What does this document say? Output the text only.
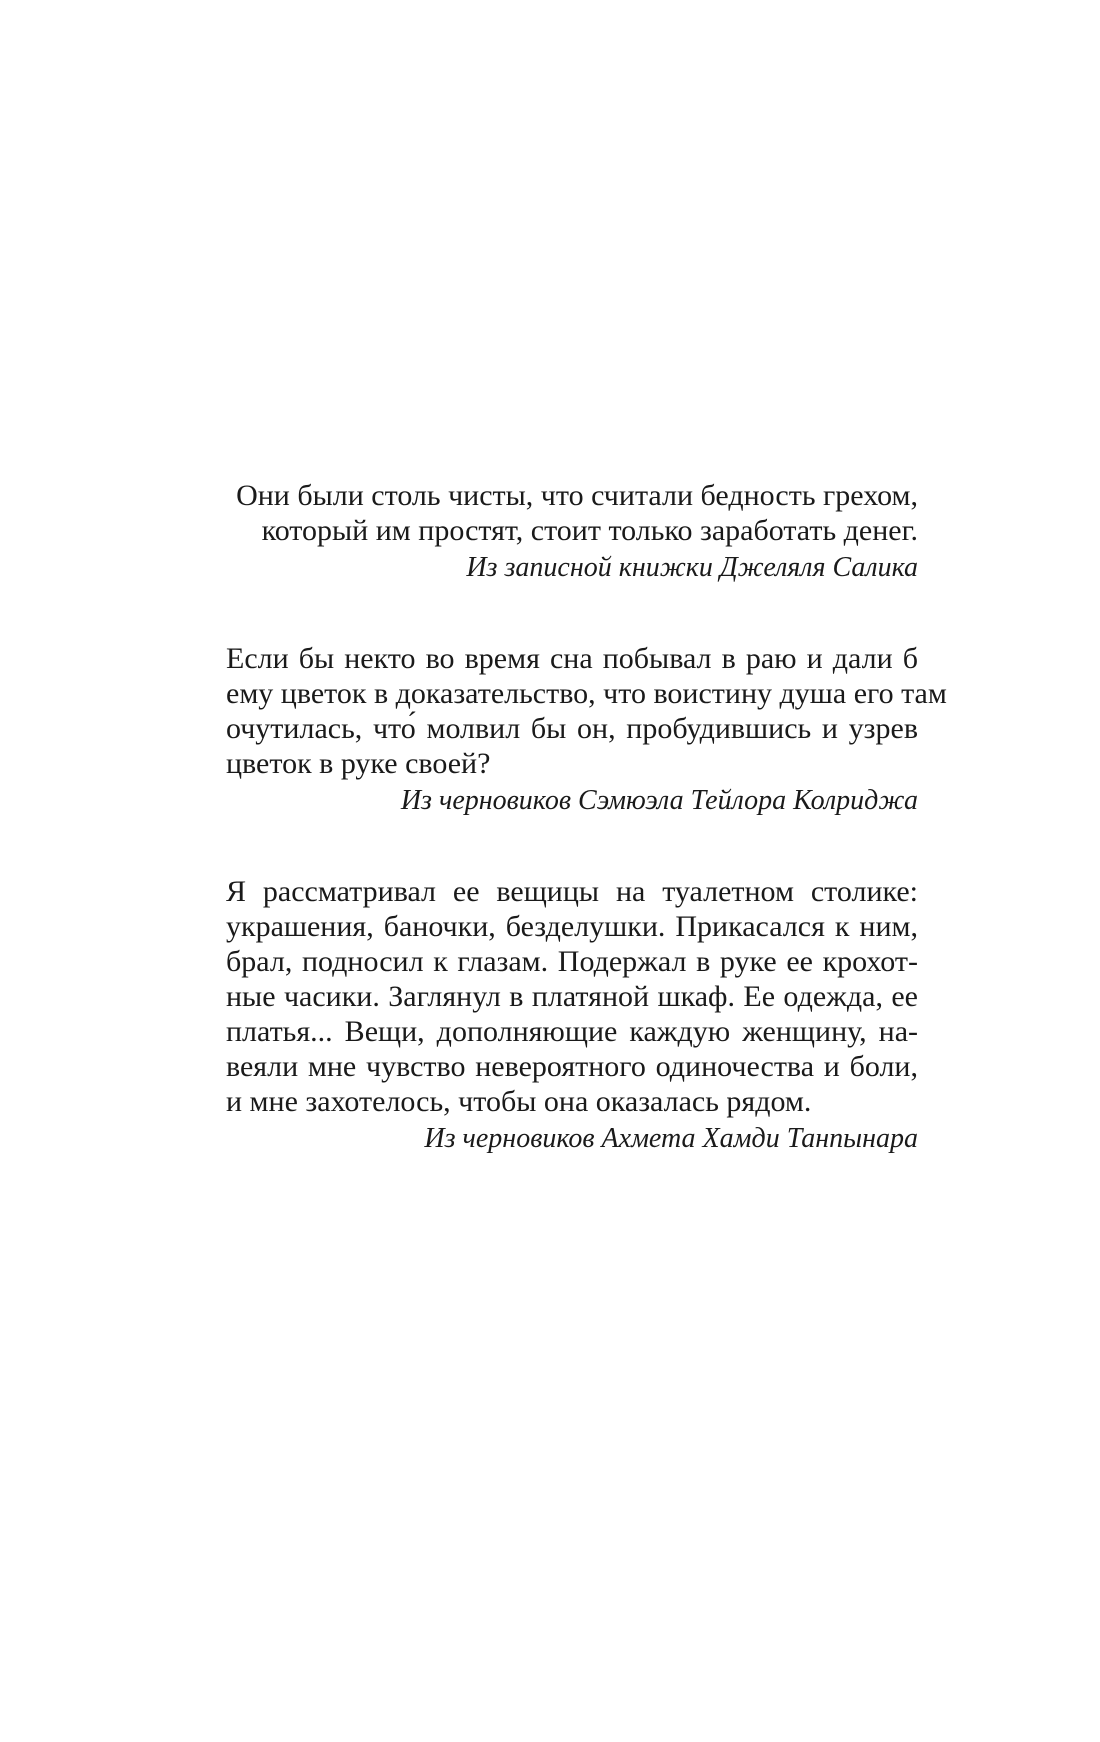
Они были столь чисты, что считали бедность грехом,
который им простят, стоит только заработать денег.
Из записной книжки Джеляля Салика
Если бы некто во время сна побывал в раю и дали б
ему цветок в доказательство, что воистину душа его там
очутилась, что́ молвил бы он, пробудившись и узрев
цветок в руке своей?
Из черновиков Сэмюэла Тейлора Колриджа
Я рассматривал ее вещицы на туалетном столике:
украшения, баночки, безделушки. Прикасался к ним,
брал, подносил к глазам. Подержал в руке ее крохот-
ные часики. Заглянул в платяной шкаф. Ее одежда, ее
платья... Вещи, дополняющие каждую женщину, на-
веяли мне чувство невероятного одиночества и боли,
и мне захотелось, чтобы она оказалась рядом.
Из черновиков Ахмета Хамди Танпынара
